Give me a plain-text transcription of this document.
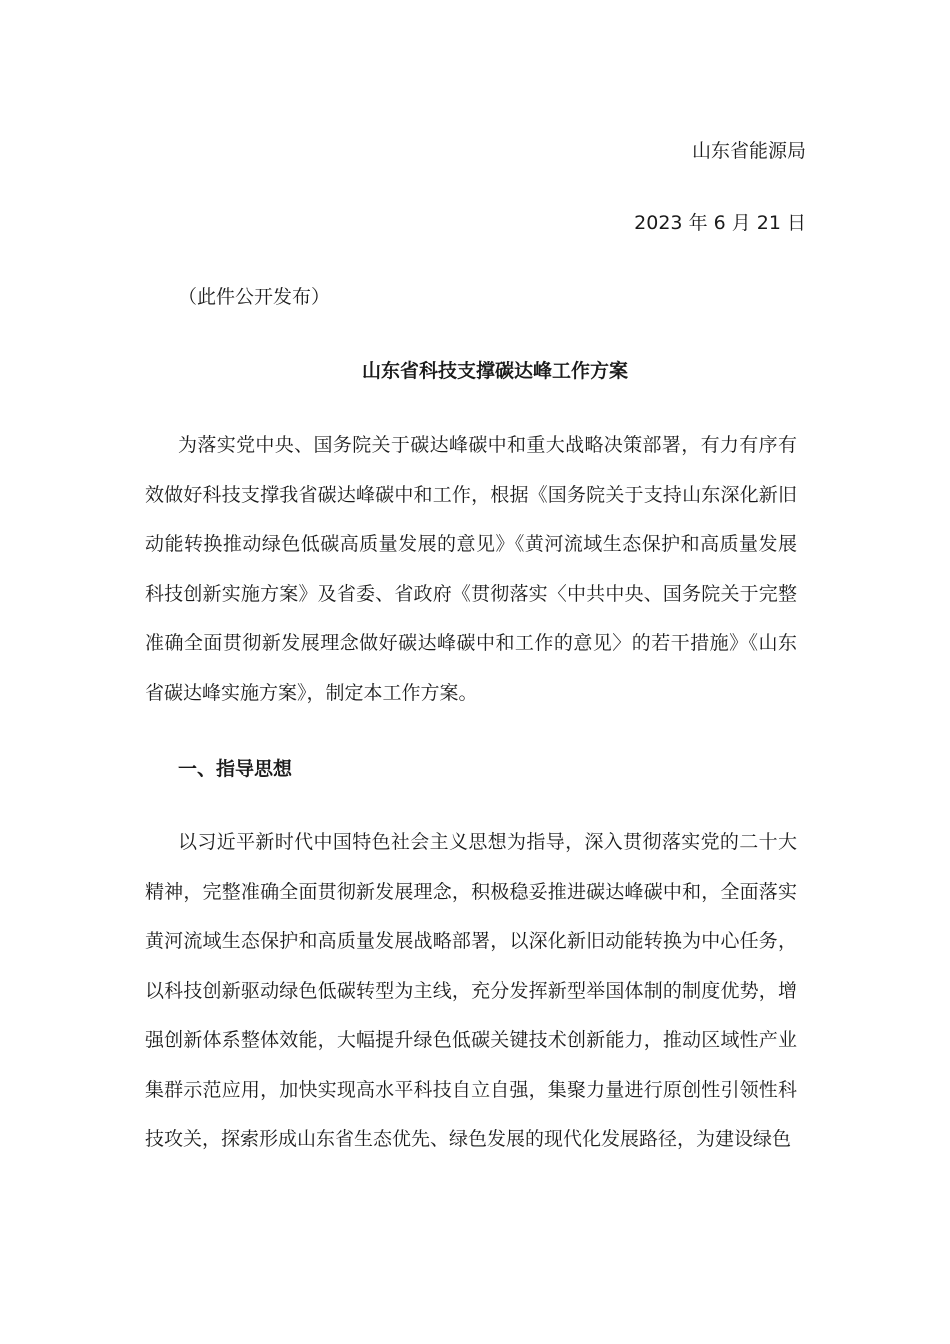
山东省能源局
2023 年 6 月 21 日
（此件公开发布）
山东省科技支撑碳达峰工作方案

为落实党中央、国务院关于碳达峰碳中和重大战略决策部署，有力有序有效做好科技支撑我省碳达峰碳中和工作，根据《国务院关于支持山东深化新旧动能转换推动绿色低碳高质量发展的意见》《黄河流域生态保护和高质量发展科技创新实施方案》及省委、省政府《贯彻落实〈中共中央、国务院关于完整准确全面贯彻新发展理念做好碳达峰碳中和工作的意见〉的若干措施》《山东省碳达峰实施方案》，制定本工作方案。

一、指导思想

以习近平新时代中国特色社会主义思想为指导，深入贯彻落实党的二十大精神，完整准确全面贯彻新发展理念，积极稳妥推进碳达峰碳中和，全面落实黄河流域生态保护和高质量发展战略部署，以深化新旧动能转换为中心任务，以科技创新驱动绿色低碳转型为主线，充分发挥新型举国体制的制度优势，增强创新体系整体效能，大幅提升绿色低碳关键技术创新能力，推动区域性产业集群示范应用，加快实现高水平科技自立自强，集聚力量进行原创性引领性科技攻关，探索形成山东省生态优先、绿色发展的现代化发展路径，为建设绿色
